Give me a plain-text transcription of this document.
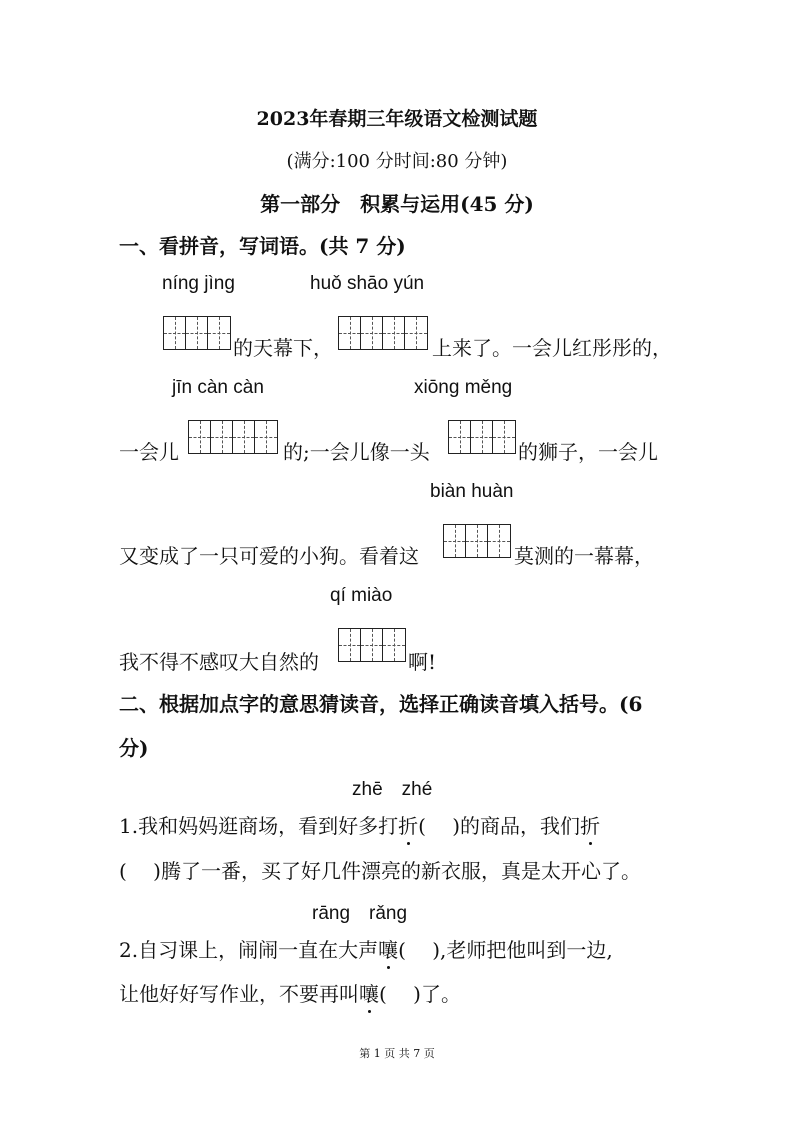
2023年春期三年级语文检测试题
(满分:100 分时间:80 分钟)
第一部分　积累与运用(45 分)
一、看拼音，写词语。(共 7 分)
níng jìng	huǒ shāo yún
的天幕下，	上来了。一会儿红彤彤的，
jīn càn càn	xiōng měng
一会儿	的;一会儿像一头	的狮子，一会儿
biàn huàn
又变成了一只可爱的小狗。看着这	莫测的一幕幕，
qí miào
我不得不感叹大自然的	啊!
二、根据加点字的意思猜读音，选择正确读音填入括号。(6
分)
zhē　zhé
1.我和妈妈逛商场，看到好多打折(　 )的商品，我们折
(　 )腾了一番，买了好几件漂亮的新衣服，真是太开心了。
rāng　rǎng
2.自习课上，闹闹一直在大声嚷(　 ),老师把他叫到一边,
让他好好写作业，不要再叫嚷(　 )了。
第 1 页 共 7 页
